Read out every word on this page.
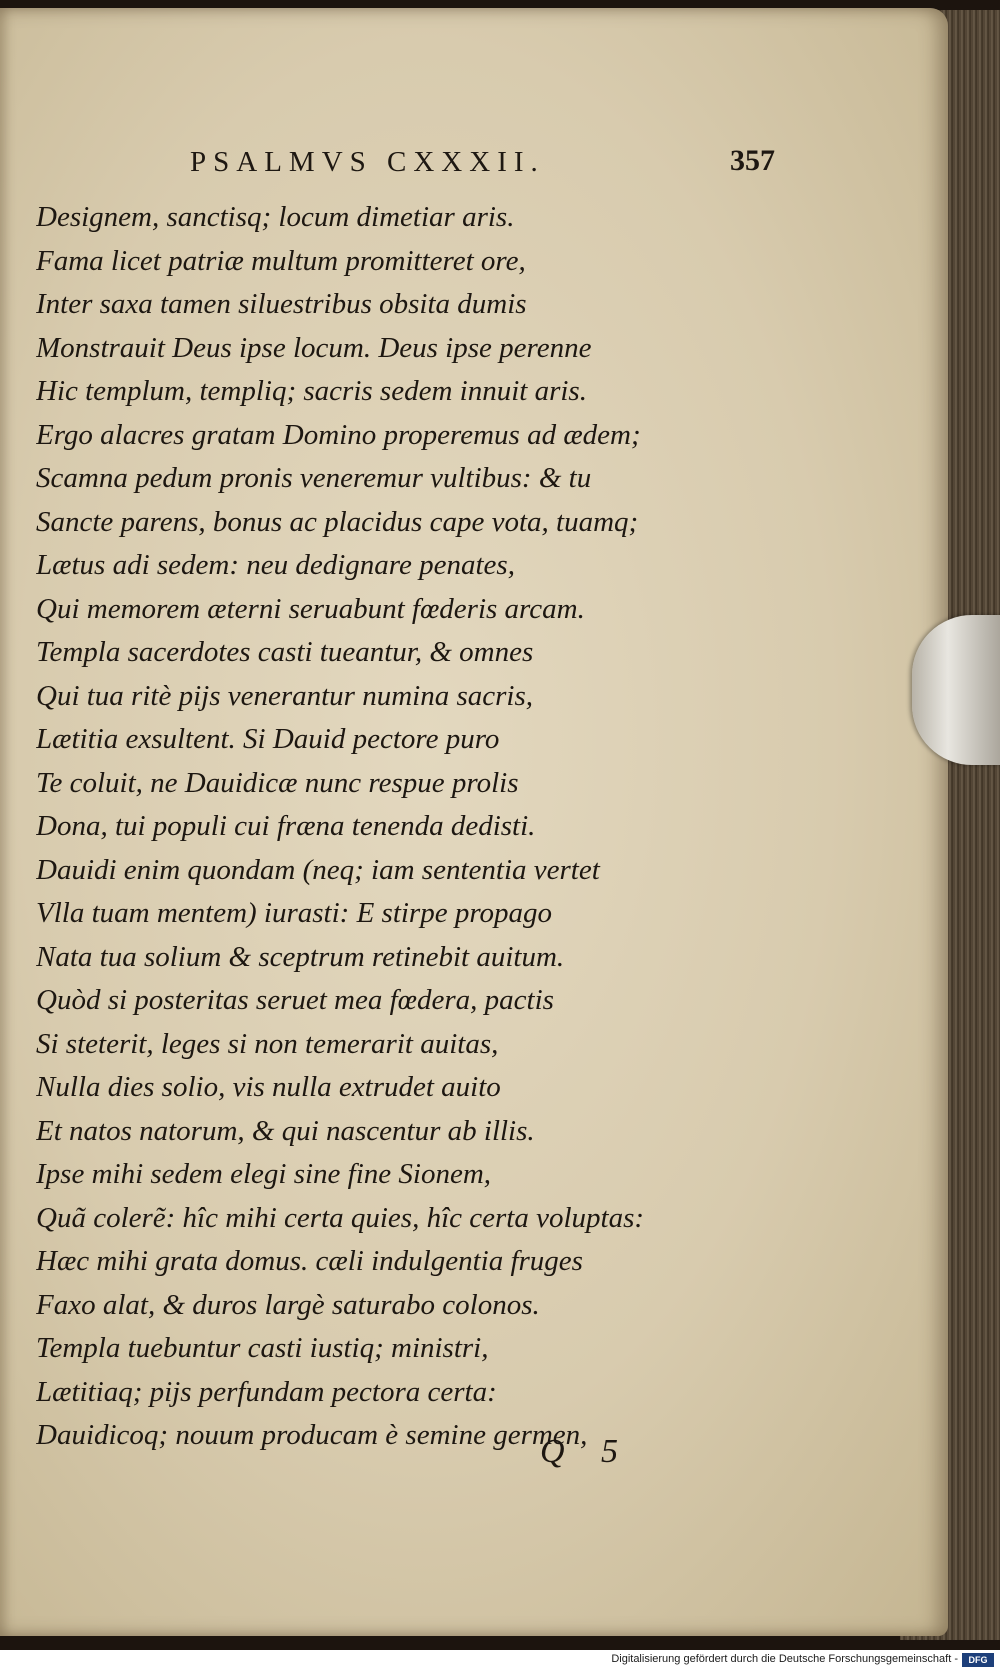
PSALMVS CXXXII.	357
Designem, sanctisq; locum dimetiar aris.
Fama licet patriæ multum promitteret ore,
Inter saxa tamen siluestribus obsita dumis
Monstrauit Deus ipse locum. Deus ipse perenne
Hic templum, templiq; sacris sedem innuit aris.
Ergo alacres gratam Domino properemus ad ædem;
Scamna pedum pronis veneremur vultibus: & tu
Sancte parens, bonus ac placidus cape vota, tuamq;
Lætus adi sedem: neu dedignare penates,
Qui memorem æterni seruabunt fœderis arcam.
Templa sacerdotes casti tueantur, & omnes
Qui tua ritè pijs venerantur numina sacris,
Lætitia exsultent. Si Dauid pectore puro
Te coluit, ne Dauidicæ nunc respue prolis
Dona, tui populi cui fræna tenenda dedisti.
Dauidi enim quondam (neq; iam sententia vertet
Vlla tuam mentem) iurasti: E stirpe propago
Nata tua solium & sceptrum retinebit auitum.
Quòd si posteritas seruet mea fœdera, pactis
Si steterit, leges si non temerarit auitas,
Nulla dies solio, vis nulla extrudet auito
Et natos natorum, & qui nascentur ab illis.
Ipse mihi sedem elegi sine fine Sionem,
Quã colerẽ: hîc mihi certa quies, hîc certa voluptas:
Hæc mihi grata domus. cæli indulgentia fruges
Faxo alat, & duros largè saturabo colonos.
Templa tuebuntur casti iustiq; ministri,
Lætitiaq; pijs perfundam pectora certa:
Dauidicoq; nouum producam è semine germen,
Q 5
Digitalisierung gefördert durch die Deutsche Forschungsgemeinschaft -	DFG
